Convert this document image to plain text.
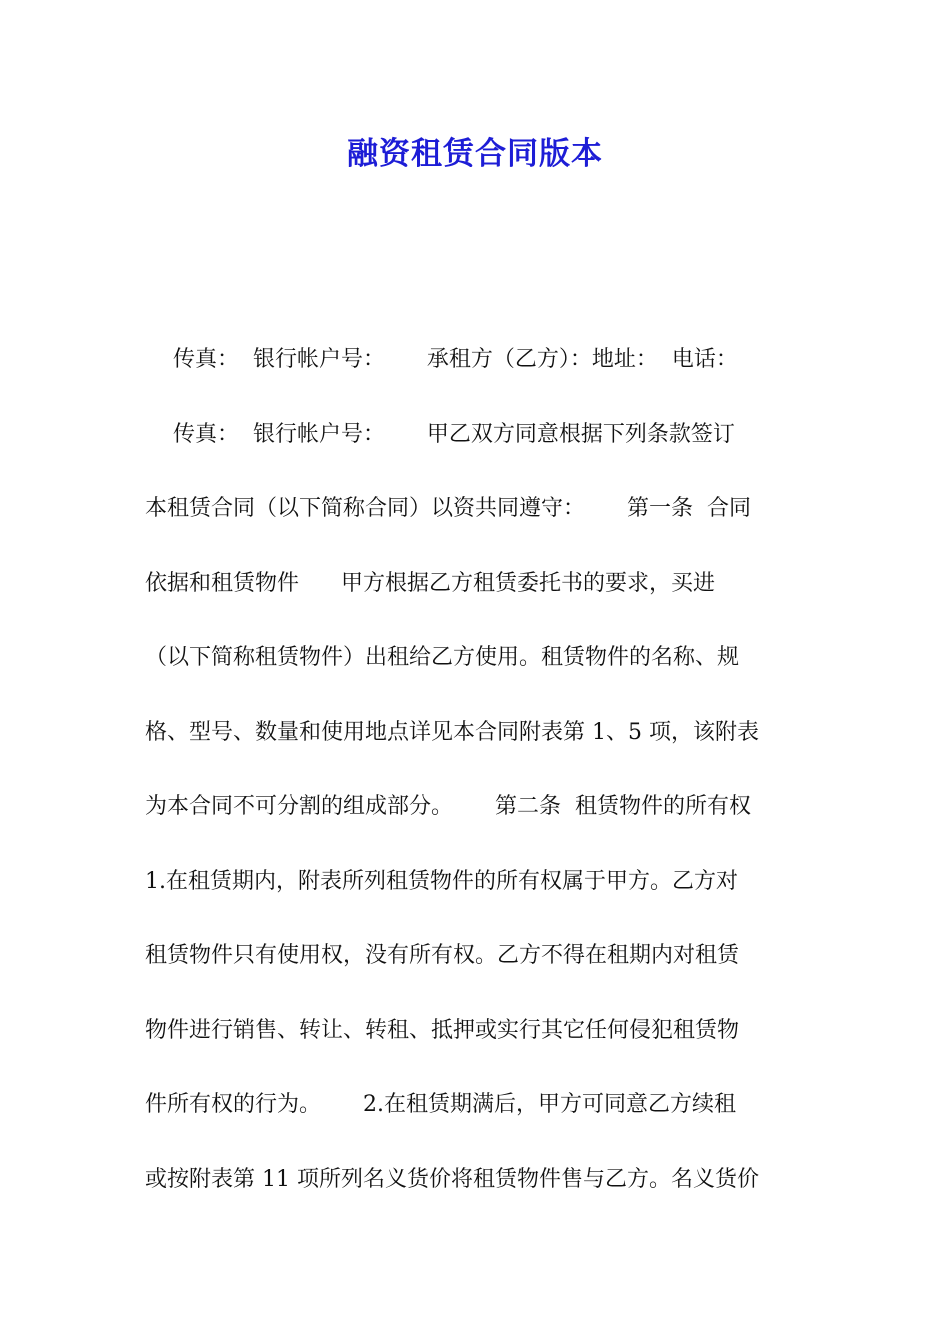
融资租赁合同版本
传真：  银行帐户号：      承租方（乙方）：地址：  电话：
传真：  银行帐户号：      甲乙双方同意根据下列条款签订
本租赁合同（以下简称合同）以资共同遵守：      第一条  合同
依据和租赁物件      甲方根据乙方租赁委托书的要求，买进
（以下简称租赁物件）出租给乙方使用。租赁物件的名称、规
格、型号、数量和使用地点详见本合同附表第 1、5 项，该附表
为本合同不可分割的组成部分。      第二条  租赁物件的所有权
1.在租赁期内，附表所列租赁物件的所有权属于甲方。乙方对
租赁物件只有使用权，没有所有权。乙方不得在租期内对租赁
物件进行销售、转让、转租、抵押或实行其它任何侵犯租赁物
件所有权的行为。      2.在租赁期满后，甲方可同意乙方续租
或按附表第 11 项所列名义货价将租赁物件售与乙方。名义货价
